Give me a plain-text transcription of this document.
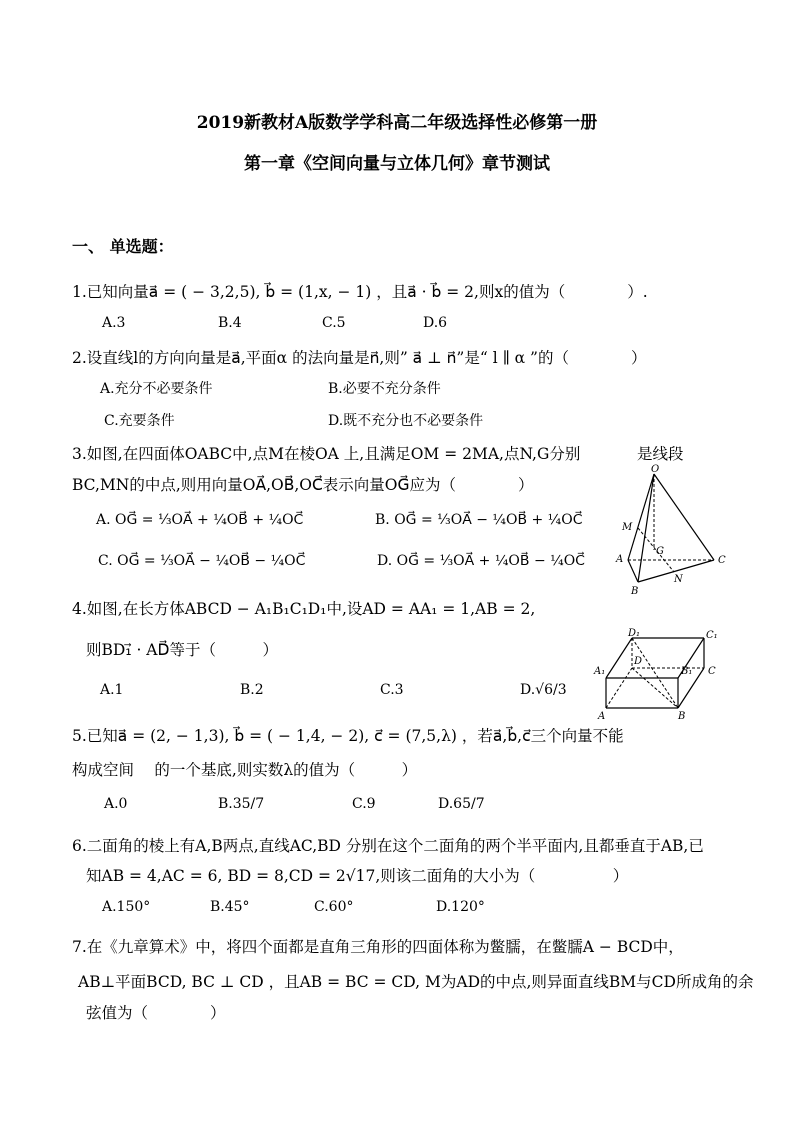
2019新教材A版数学学科高二年级选择性必修第一册
第一章《空间向量与立体几何》章节测试
一、 单选题：
1.已知向量a⃗ = ( − 3,2,5), b⃗ = (1,x, − 1) ，且a⃗ · b⃗ = 2,则x的值为（　　　　）.
A.3	B.4	C.5	D.6
2.设直线l的方向向量是a⃗,平面α 的法向量是n⃗,则” a⃗ ⊥ n⃗”是“ l ∥ α ”的（　　　　）
A.充分不必要条件	B.必要不充分条件
C.充要条件	D.既不充分也不必要条件
3.如图,在四面体OABC中,点M在棱OA 上,且满足OM = 2MA,点N,G分别	是线段
BC,MN的中点,则用向量OA⃗,OB⃗,OC⃗表示向量OG⃗应为（　　　　）
A. OG⃗ = ⅓OA⃗ + ¼OB⃗ + ¼OC⃗	B. OG⃗ = ⅓OA⃗ − ¼OB⃗ + ¼OC⃗
C. OG⃗ = ⅓OA⃗ − ¼OB⃗ − ¼OC⃗	D. OG⃗ = ⅓OA⃗ + ¼OB⃗ − ¼OC⃗
O
M
A
G
B
N
C
4.如图,在长方体ABCD − A₁B₁C₁D₁中,设AD = AA₁ = 1,AB = 2,
则BD₁⃗ · AD⃗等于（　　　）
A.1	B.2	C.3	D.√6/3
D₁	C₁
A₁	B₁
D
C
A	B
5.已知a⃗ = (2, − 1,3), b⃗ = ( − 1,4, − 2), c⃗ = (7,5,λ) ，若a⃗,b⃗,c⃗三个向量不能
构成空间　 的一个基底,则实数λ的值为（　　　）
A.0	B.35/7	C.9	D.65/7
6.二面角的棱上有A,B两点,直线AC,BD 分别在这个二面角的两个半平面内,且都垂直于AB,已
知AB = 4,AC = 6, BD = 8,CD = 2√17,则该二面角的大小为（　　　　　）
A.150°	B.45°	C.60°	D.120°
7.在《九章算术》中，将四个面都是直角三角形的四面体称为鳖臑，在鳖臑A − BCD中，
AB⊥平面BCD, BC ⊥ CD ，且AB = BC = CD, M为AD的中点,则异面直线BM与CD所成角的余
弦值为（　　　　）
